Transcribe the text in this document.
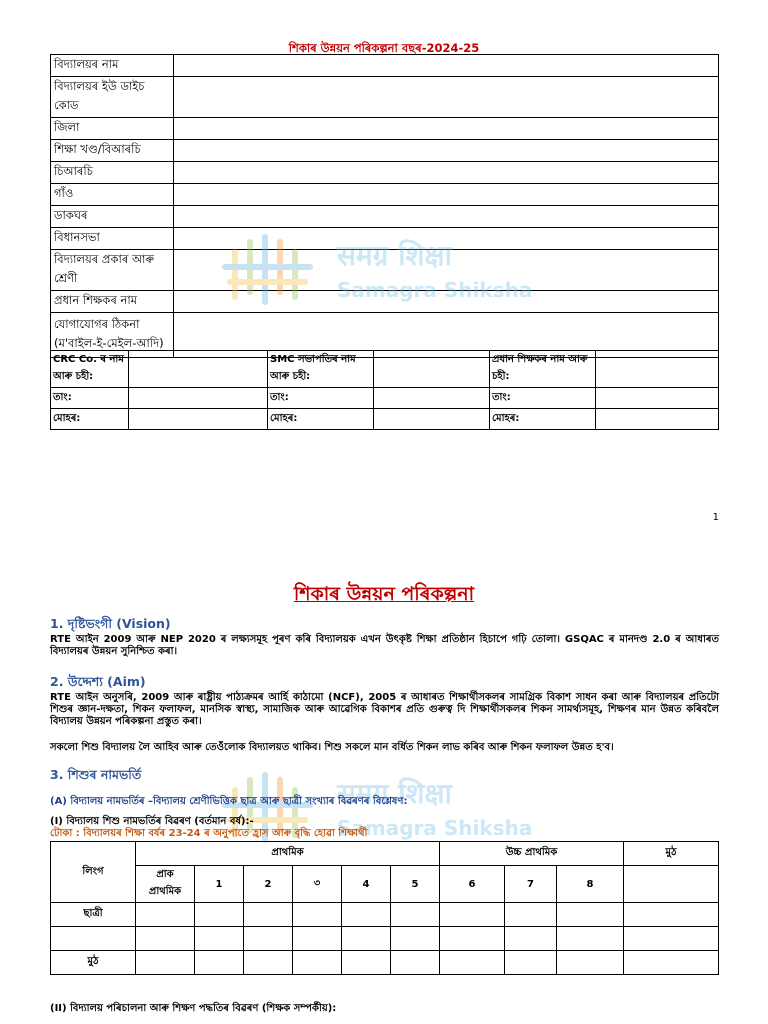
শিকাৰ উন্নয়ন পৰিকল্পনা বছৰ-2024-25
বিদ্যালয়ৰ নাম	
বিদ্যালয়ৰ ইউ ডাইচ কোড	
জিলা	
শিক্ষা খণ্ড/বিআৰচি	
চিআৰচি	
গাঁও	
ডাকঘৰ	
বিধানসভা	
বিদ্যালয়ৰ প্ৰকাৰ আৰু শ্ৰেণী	
প্ৰধান শিক্ষকৰ নাম	
যোগাযোগৰ ঠিকনা (ম'বাইল-ই-মেইল-আদি)	
समग्र शिक्षा
Samagra Shiksha
CRC Co. ৰ নাম আৰু চহী:		SMC সভাপতিৰ নাম আৰু চহী:		প্ৰধান শিক্ষকৰ নাম আৰু চহী:	
তাং:		তাং:		তাং:	
মোহৰ:		মোহৰ:		মোহৰ:	
1
শিকাৰ উন্নয়ন পৰিকল্পনা
1. দৃষ্টিভংগী (Vision)
RTE আইন 2009 আৰু NEP 2020 ৰ লক্ষ্যসমূহ পূৰণ কৰি বিদ্যালয়ক এখন উৎকৃষ্ট শিক্ষা প্ৰতিষ্ঠান হিচাপে গঢ়ি তোলা। GSQAC ৰ মানদণ্ড 2.0 ৰ আধাৰত বিদ্যালয়ৰ উন্নয়ন সুনিশ্চিত কৰা।
2. উদ্দেশ্য (Aim)
RTE আইন অনুসৰি, 2009 আৰু ৰাষ্ট্ৰীয় পাঠ্যক্ৰমৰ আৰ্হি কাঠামো (NCF), 2005 ৰ আধাৰত শিক্ষাৰ্থীসকলৰ সামগ্ৰিক বিকাশ সাধন কৰা আৰু বিদ্যালয়ৰ প্ৰতিটো শিশুৰ জ্ঞান-দক্ষতা, শিকন ফলাফল, মানসিক স্বাস্থ্য, সামাজিক আৰু আৱেগিক বিকাশৰ প্ৰতি গুৰুত্ব দি শিক্ষাৰ্থীসকলৰ শিকন সামৰ্থ্যসমূহ, শিক্ষণৰ মান উন্নত কৰিবলৈ বিদ্যালয় উন্নয়ন পৰিকল্পনা প্ৰস্তুত কৰা।
সকলো শিশু বিদ্যালয় লৈ আহিব আৰু তেওঁলোক বিদ্যালয়ত থাকিব। শিশু সকলে মান বৰ্ধিত শিকন লাভ কৰিব আৰু শিকন ফলাফল উন্নত হ'ব।
समग्र शिक्षा
Samagra Shiksha
3. শিশুৰ নামভৰ্তি
(A) বিদ্যালয় নামভৰ্তিৰ –বিদ্যালয় শ্ৰেণীভিত্তিক ছাত্ৰ আৰু ছাত্ৰী সংখ্যাৰ বিৱৰণৰ বিশ্লেষণ:
(I) বিদ্যালয় শিশু নামভৰ্তিৰ বিৱৰণ (বৰ্তমান বৰ্ষ):-
টোকা : বিদ্যালয়ৰ শিক্ষা বৰ্ষৰ 23-24 ৰ অনুপাতে হ্ৰাস আৰু বৃদ্ধি হোৱা শিক্ষাৰ্থী
লিংগ	প্ৰাথমিক						উচ্চ প্ৰাথমিক			মুঠ
	প্ৰাক প্ৰাথমিক	1	2	৩	4	5	6	7	8	
ছাত্ৰী										

মুঠ										
(II) বিদ্যালয় পৰিচালনা আৰু শিক্ষণ পদ্ধতিৰ বিৱৰণ (শিক্ষক সম্পৰ্কীয়):
